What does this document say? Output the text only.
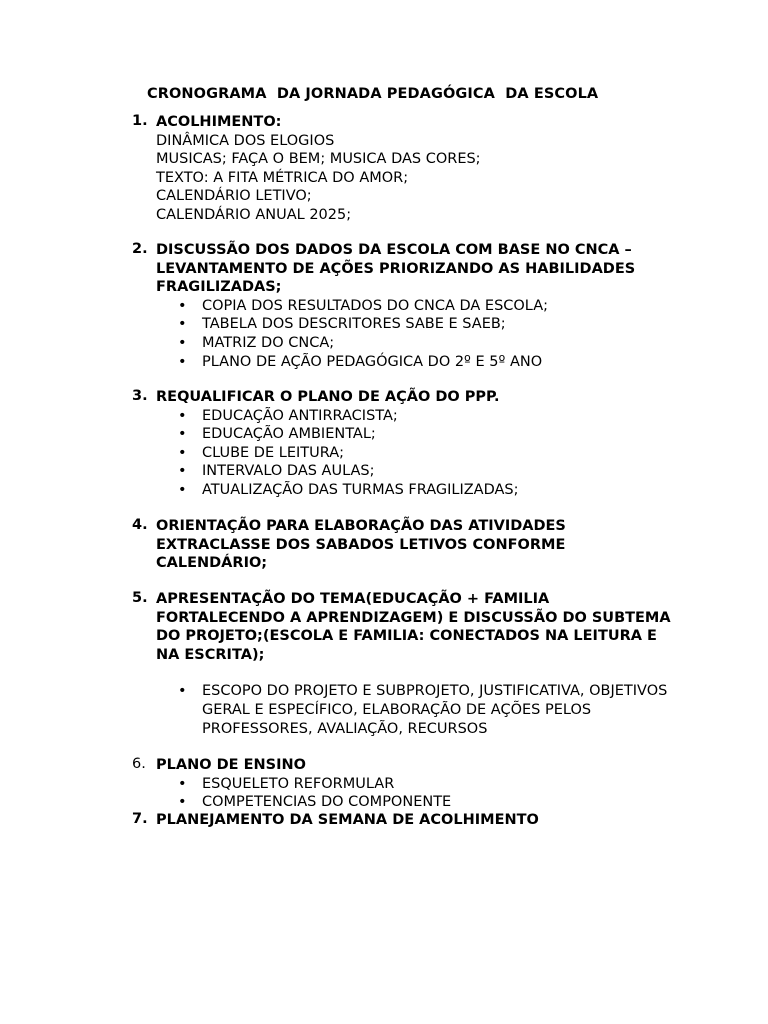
CRONOGRAMA  DA JORNADA PEDAGÓGICA  DA ESCOLA
1. ACOLHIMENTO:
DINÂMICA DOS ELOGIOS
MUSICAS; FAÇA O BEM; MUSICA DAS CORES;
TEXTO: A FITA MÉTRICA DO AMOR;
CALENDÁRIO LETIVO;
CALENDÁRIO ANUAL 2025;
2. DISCUSSÃO DOS DADOS DA ESCOLA COM BASE NO CNCA – LEVANTAMENTO DE AÇÕES PRIORIZANDO AS HABILIDADES FRAGILIZADAS;
• COPIA DOS RESULTADOS DO CNCA DA ESCOLA;
• TABELA DOS DESCRITORES SABE E SAEB;
• MATRIZ DO CNCA;
• PLANO DE AÇÃO PEDAGÓGICA DO 2º E 5º ANO
3. REQUALIFICAR O PLANO DE AÇÃO DO PPP.
• EDUCAÇÃO ANTIRRACISTA;
• EDUCAÇÃO AMBIENTAL;
• CLUBE DE LEITURA;
• INTERVALO DAS AULAS;
• ATUALIZAÇÃO DAS TURMAS FRAGILIZADAS;
4. ORIENTAÇÃO PARA ELABORAÇÃO DAS ATIVIDADES EXTRACLASSE DOS SABADOS LETIVOS CONFORME CALENDÁRIO;
5. APRESENTAÇÃO DO TEMA(EDUCAÇÃO + FAMILIA FORTALECENDO A APRENDIZAGEM) E DISCUSSÃO DO SUBTEMA DO PROJETO;(ESCOLA E FAMILIA: CONECTADOS NA LEITURA E NA ESCRITA);
• ESCOPO DO PROJETO E SUBPROJETO, JUSTIFICATIVA, OBJETIVOS GERAL E ESPECÍFICO, ELABORAÇÃO DE AÇÕES PELOS PROFESSORES, AVALIAÇÃO, RECURSOS
6. PLANO DE ENSINO
• ESQUELETO REFORMULAR
• COMPETENCIAS DO COMPONENTE
7. PLANEJAMENTO DA SEMANA DE ACOLHIMENTO
